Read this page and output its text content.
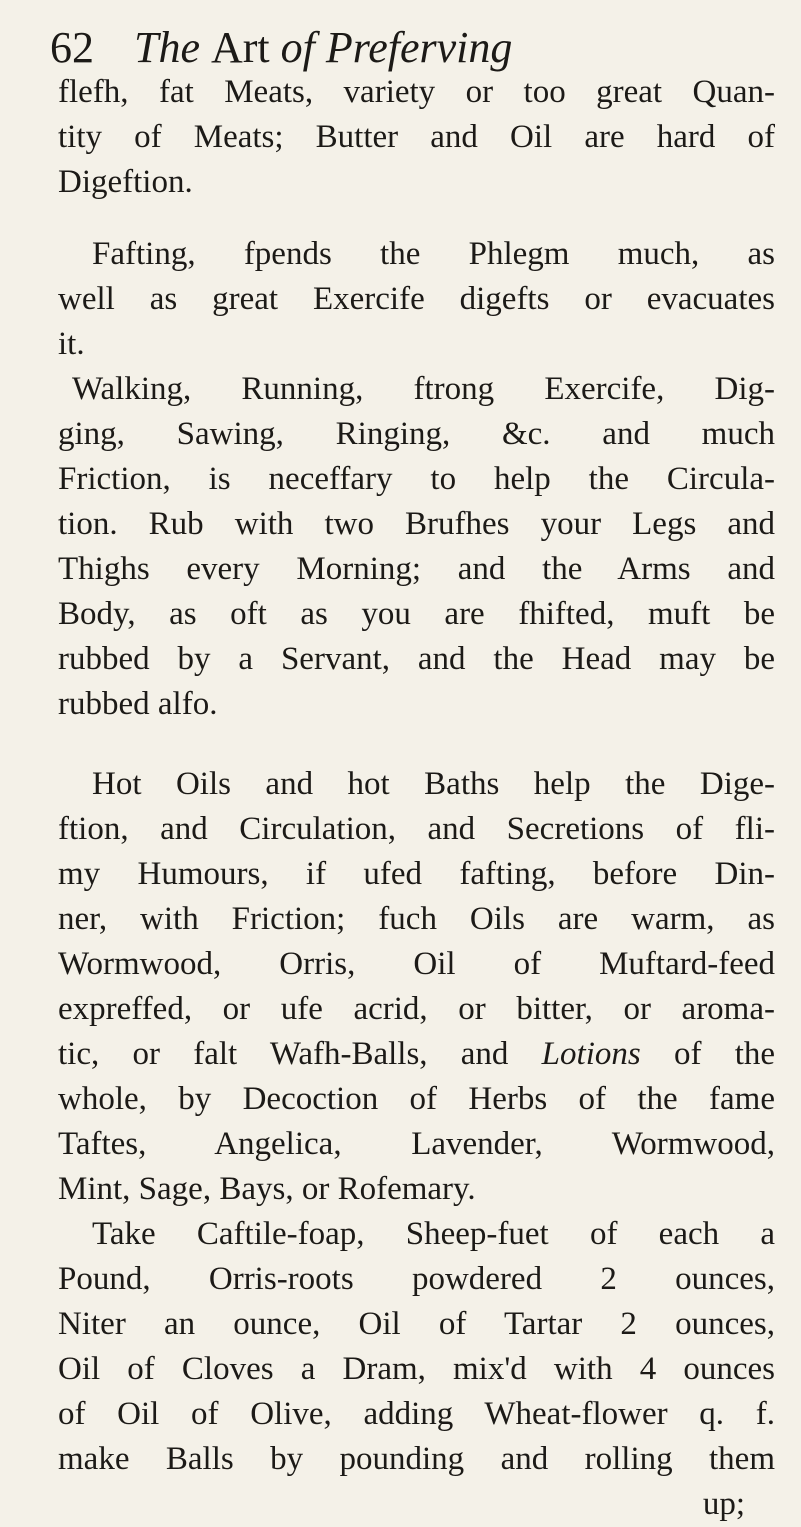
62 The Art of Preferving
flefh, fat Meats, variety or too great Quan-
tity of Meats; Butter and Oil are hard of
Digeftion.
Fafting, fpends the Phlegm much, as
well as great Exercife digefts or evacuates
it.
Walking, Running, ftrong Exercife, Dig-
ging, Sawing, Ringing, &c. and much
Friction, is neceffary to help the Circula-
tion. Rub with two Brufhes your Legs and
Thighs every Morning; and the Arms and
Body, as oft as you are fhifted, muft be
rubbed by a Servant, and the Head may be
rubbed alfo.
Hot Oils and hot Baths help the Dige-
ftion, and Circulation, and Secretions of fli-
my Humours, if ufed fafting, before Din-
ner, with Friction; fuch Oils are warm, as
Wormwood, Orris, Oil of Muftard-feed
expreffed, or ufe acrid, or bitter, or aroma-
tic, or falt Wafh-Balls, and Lotions of the
whole, by Decoction of Herbs of the fame
Taftes, Angelica, Lavender, Wormwood,
Mint, Sage, Bays, or Rofemary.
Take Caftile-foap, Sheep-fuet of each a
Pound, Orris-roots powdered 2 ounces,
Niter an ounce, Oil of Tartar 2 ounces,
Oil of Cloves a Dram, mix'd with 4 ounces
of Oil of Olive, adding Wheat-flower q. f.
make Balls by pounding and rolling them
up;
